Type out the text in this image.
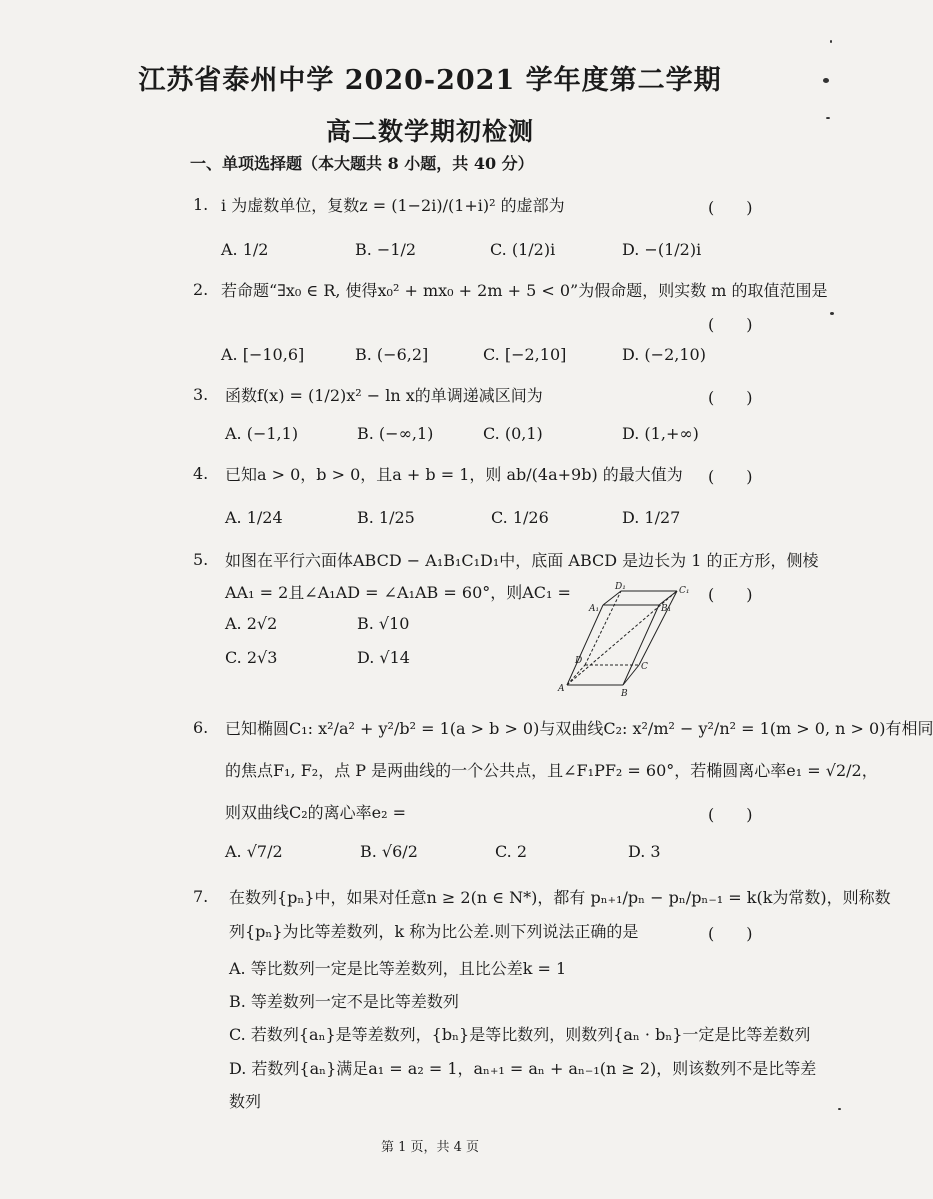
江苏省泰州中学 2020-2021 学年度第二学期
高二数学期初检测
一、单项选择题（本大题共 8 小题，共 40 分）
1. i 为虚数单位，复数z = (1−2i)/(1+i)² 的虚部为	(　　)
A. 1/2	B. −1/2	C. (1/2)i	D. −(1/2)i
2. 若命题“∃x₀ ∈ R, 使得x₀² + mx₀ + 2m + 5 < 0”为假命题，则实数 m 的取值范围是
(　　)
A. [−10,6]	B. (−6,2]	C. [−2,10]	D. (−2,10)
3. 函数f(x) = (1/2)x² − ln x的单调递减区间为	(　　)
A. (−1,1)	B. (−∞,1)	C. (0,1)	D. (1,+∞)
4. 已知a > 0，b > 0，且a + b = 1，则 ab/(4a+9b) 的最大值为 (　　)
A. 1/24	B. 1/25	C. 1/26	D. 1/27
5. 如图在平行六面体ABCD − A₁B₁C₁D₁中，底面 ABCD 是边长为 1 的正方形，侧棱
AA₁ = 2且∠A₁AD = ∠A₁AB = 60°，则AC₁ =	(　　)
A. 2√2	B. √10
C. 2√3	D. √14
D₁	C₁
A₁	B₁
D
C
A	B
6. 已知椭圆C₁: x²/a² + y²/b² = 1(a > b > 0)与双曲线C₂: x²/m² − y²/n² = 1(m > 0, n > 0)有相同
的焦点F₁, F₂，点 P 是两曲线的一个公共点，且∠F₁PF₂ = 60°，若椭圆离心率e₁ = √2/2，
则双曲线C₂的离心率e₂ =	(　　)
A. √7/2	B. √6/2	C. 2	D. 3
7. 在数列{pₙ}中，如果对任意n ≥ 2(n ∈ N*)，都有 pₙ₊₁/pₙ − pₙ/pₙ₋₁ = k(k为常数)，则称数
列{pₙ}为比等差数列，k 称为比公差.则下列说法正确的是	(　　)
A. 等比数列一定是比等差数列，且比公差k = 1
B. 等差数列一定不是比等差数列
C. 若数列{aₙ}是等差数列，{bₙ}是等比数列，则数列{aₙ · bₙ}一定是比等差数列
D. 若数列{aₙ}满足a₁ = a₂ = 1，aₙ₊₁ = aₙ + aₙ₋₁(n ≥ 2)，则该数列不是比等差
数列
第 1 页，共 4 页
